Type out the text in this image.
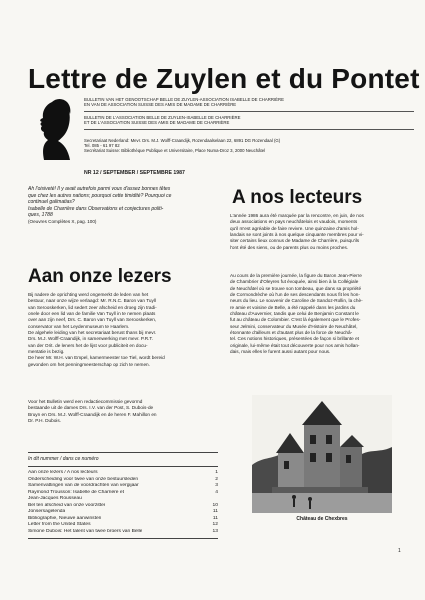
Lettre de Zuylen et du Pontet
BULLETIN VAN HET GENOOTSCHAP BELLE DE ZUYLEN-ASSOCIATION ISABELLE DE CHARRIÈRE
EN VAN DE ASSOCIATION SUISSE DES AMIS DE MADAME DE CHARRIÈRE
BULLETIN DE L'ASSOCIATION BELLE DE ZUYLEN-ISABELLE DE CHARRIÈRE
ET DE L'ASSOCIATION SUISSE DES AMIS DE MADAME DE CHARRIÈRE
Secretariaat Nederland: Mevr. Drs. M.J. Wolff-Craandijk, Rozendaalselaan 22, 6891 DG Rozendaal (G)
Tel. 085 - 61 97 82
Secrétariat Suisse: Bibliothèque Publique et Universitaire, Place Numa-Droz 3, 2000 Neuchâtel
NR 12 / SEPTEMBER / SEPTEMBRE 1987
Ah l'oisiveté! Il y avait autrefois parmi vous d'assez bonnes têtes
que chez les autres nations; pourquoi cette timidité? Pourquoi ce
continuel galimatias?
Isabelle de Charrière dans Observations et conjectures politi-
ques, 1788
(Oeuvres Complètes X, pag. 100)
A nos lecteurs
L'année 1986 aura été marquée par la rencontre, en juin, de nos
deux associations en pays neuchâtelois et vaudois, moments
qu'il m'est agréable de faire revivre. Une quinzaine d'amis hol-
landais se sont joints à nos quelque cinquante membres pour vi-
siter certains lieux connus de Madame de Charrière, puisqu'ils
l'ont été des siens, ou de parents plus ou moins proches.
Au cours de la première journée, la figure du Baron Jean-Pierre
de Chambrier d'Oleyres fut évoquée, ainsi bien à la Collégiale
de Neuchâtel où se trouve son tombeau, que dans sa propriété
de Cormondrèche où l'un de ses descendants nous fit les hon-
neurs du lieu. Le souvenir de Caroline de Sandoz-Rollin, la chè-
re amie et voisine de Belle, a été rappelé dans les jardins du
château d'Auvernier, tandis que celui de Benjamin Constant le
fut au château de Colombier. C'est là également que le Profes-
seur Jelmini, conservateur du Musée d'Histoire de Neuchâtel,
étonnante d'ailleurs et d'autant plus de la force de Neuchâ-
tel. Ces notions historiques, présentées de façon si brillante et
originale, lui-même était tout découverte pour nos amis hollan-
dais, mais elles le furent aussi autant pour nous.
Aan onze lezers
Bij nadere de oprichting werd ongemerkt de leden van het
bestuur, naar onze wijze verlaagd: Mr. R.N.C. Baron van Tuyll
van Serooskerken, lid sedert zeer afscheid en droeg zijn tradi-
onele door een lid van de familie Van Tuyll in te nemen plaats
over aan zijn neef, Drs. C. Baron van Tuyll van Serooskerken,
conservator van het Leydenmuseum te Haarlem.
De algehele leiding van het secretariaat berust thans bij mevr.
Drs. M.J. Wolff-Craandijk, in samenwerking met mevr. P.R.T.
van der Orit. de leners het de lijst voor publiciteit en docu-
mentatie is bezig.
De heer Mr. W.H. van Empel, kamermeester toe Tiel, wordt bereid
gevonden om het penningmeesterschap op zich te nemen.
Voor het Bulletin werd een redactiecommissie gevormd
bestaande uit de dames Drs. I.V. van der Post, S. Dubois-de
Bruyn en Drs. M.J. Wolff-Craandijk en de heren F. Mahillon en
Dr. P.H. Dubois.
In dit nummer / dans ce numéro
Aan onze lezers / A nos lecteurs	1
Onderscheiding voor twee van onze bestuursleden	2
Samenvattingen van de voordrachten van vergijaar	3
Raymond Trousson: Isabelle de Charrière et	4
Jean-Jacques Rousseau
Bel ten afscheid van onze voorzitter	10
Jonsersagelenda	11
Bibliographie, Nieuwe aanwinsten	11
Letter from the United States	12
Simone Dubois: Het talent van twee broers van Belle	13
Château de Chexbres
1
